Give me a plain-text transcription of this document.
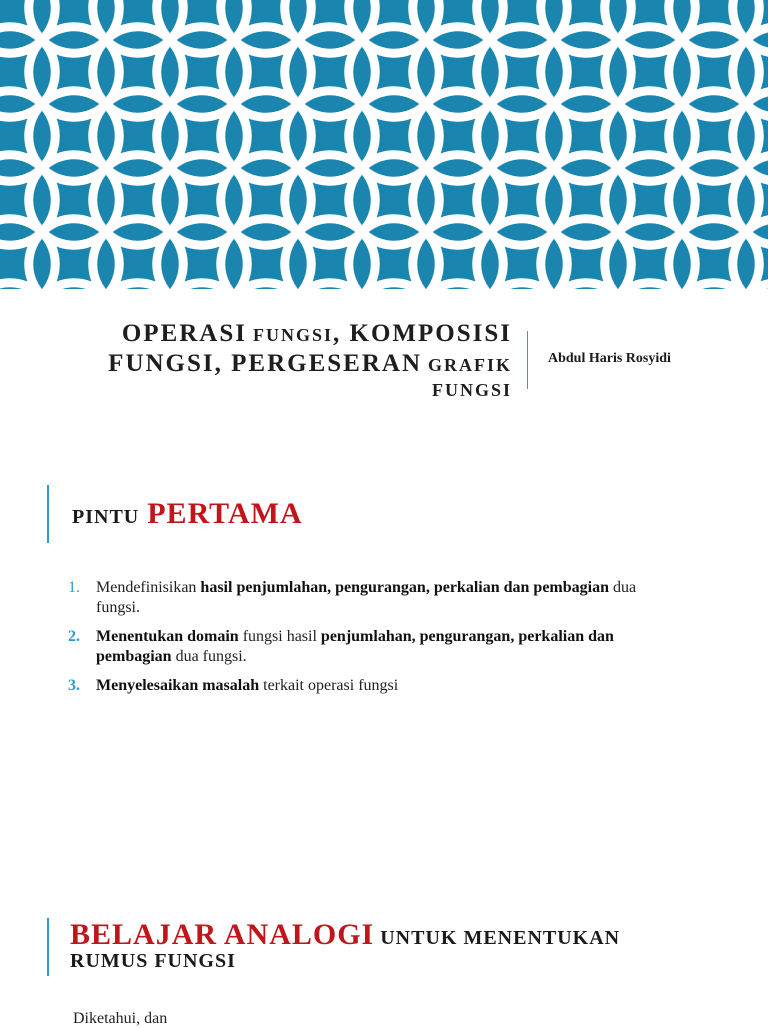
OPERASI FUNGSI, KOMPOSISI
FUNGSI, PERGESERAN GRAFIK
FUNGSI
Abdul Haris Rosyidi
PINTU PERTAMA
1. Mendefinisikan hasil penjumlahan, pengurangan, perkalian dan pembagian dua fungsi.
2. Menentukan domain fungsi hasil penjumlahan, pengurangan, perkalian dan pembagian dua fungsi.
3. Menyelesaikan masalah terkait operasi fungsi
BELAJAR ANALOGI UNTUK MENENTUKAN
RUMUS FUNGSI
Diketahui, dan
